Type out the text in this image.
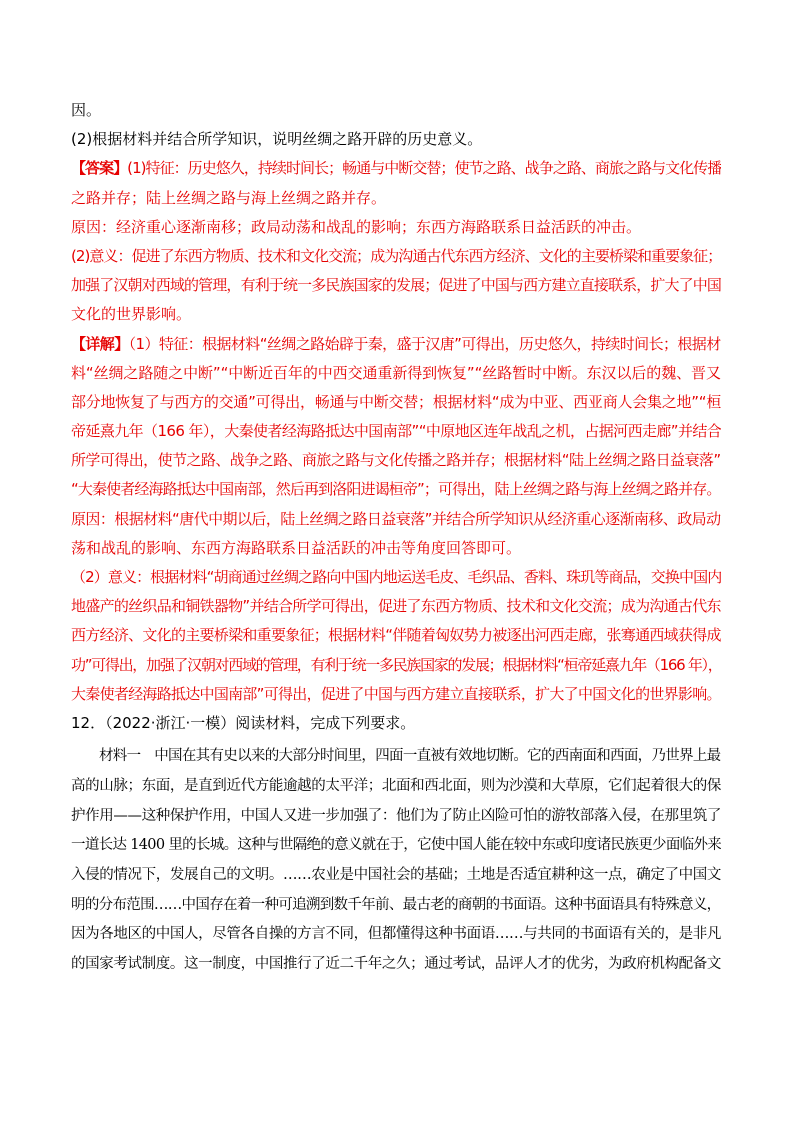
因。
(2)根据材料并结合所学知识，说明丝绸之路开辟的历史意义。
【答案】(1)特征：历史悠久，持续时间长；畅通与中断交替；使节之路、战争之路、商旅之路与文化传播
之路并存；陆上丝绸之路与海上丝绸之路并存。
原因：经济重心逐渐南移；政局动荡和战乱的影响；东西方海路联系日益活跃的冲击。
(2)意义：促进了东西方物质、技术和文化交流；成为沟通古代东西方经济、文化的主要桥梁和重要象征；
加强了汉朝对西域的管理，有利于统一多民族国家的发展；促进了中国与西方建立直接联系，扩大了中国
文化的世界影响。
【详解】（1）特征：根据材料“丝绸之路始辟于秦，盛于汉唐”可得出，历史悠久，持续时间长；根据材
料“丝绸之路随之中断”“中断近百年的中西交通重新得到恢复”“丝路暂时中断。东汉以后的魏、晋又
部分地恢复了与西方的交通”可得出，畅通与中断交替；根据材料“成为中亚、西亚商人会集之地”“桓
帝延熹九年（166 年），大秦使者经海路抵达中国南部”“中原地区连年战乱之机，占据河西走廊”并结合
所学可得出，使节之路、战争之路、商旅之路与文化传播之路并存；根据材料“陆上丝绸之路日益衰落”
“大秦使者经海路抵达中国南部，然后再到洛阳进谒桓帝”；可得出，陆上丝绸之路与海上丝绸之路并存。
原因：根据材料“唐代中期以后，陆上丝绸之路日益衰落”并结合所学知识从经济重心逐渐南移、政局动
荡和战乱的影响、东西方海路联系日益活跃的冲击等角度回答即可。
（2）意义：根据材料“胡商通过丝绸之路向中国内地运送毛皮、毛织品、香料、珠玑等商品，交换中国内
地盛产的丝织品和铜铁器物”并结合所学可得出，促进了东西方物质、技术和文化交流；成为沟通古代东
西方经济、文化的主要桥梁和重要象征；根据材料“伴随着匈奴势力被逐出河西走廊，张骞通西域获得成
功”可得出，加强了汉朝对西域的管理，有利于统一多民族国家的发展；根据材料“桓帝延熹九年（166 年），
大秦使者经海路抵达中国南部”可得出，促进了中国与西方建立直接联系，扩大了中国文化的世界影响。
12．（2022·浙江·一模）阅读材料，完成下列要求。
材料一　中国在其有史以来的大部分时间里，四面一直被有效地切断。它的西南面和西面，乃世界上最
高的山脉；东面，是直到近代方能逾越的太平洋；北面和西北面，则为沙漠和大草原，它们起着很大的保
护作用——这种保护作用，中国人又进一步加强了：他们为了防止凶险可怕的游牧部落入侵，在那里筑了
一道长达 1400 里的长城。这种与世隔绝的意义就在于，它使中国人能在较中东或印度诸民族更少面临外来
入侵的情况下，发展自己的文明。……农业是中国社会的基础；土地是否适宜耕种这一点，确定了中国文
明的分布范围……中国存在着一种可追溯到数千年前、最古老的商朝的书面语。这种书面语具有特殊意义，
因为各地区的中国人，尽管各自操的方言不同，但都懂得这种书面语……与共同的书面语有关的，是非凡
的国家考试制度。这一制度，中国推行了近二千年之久；通过考试，品评人才的优劣，为政府机构配备文
